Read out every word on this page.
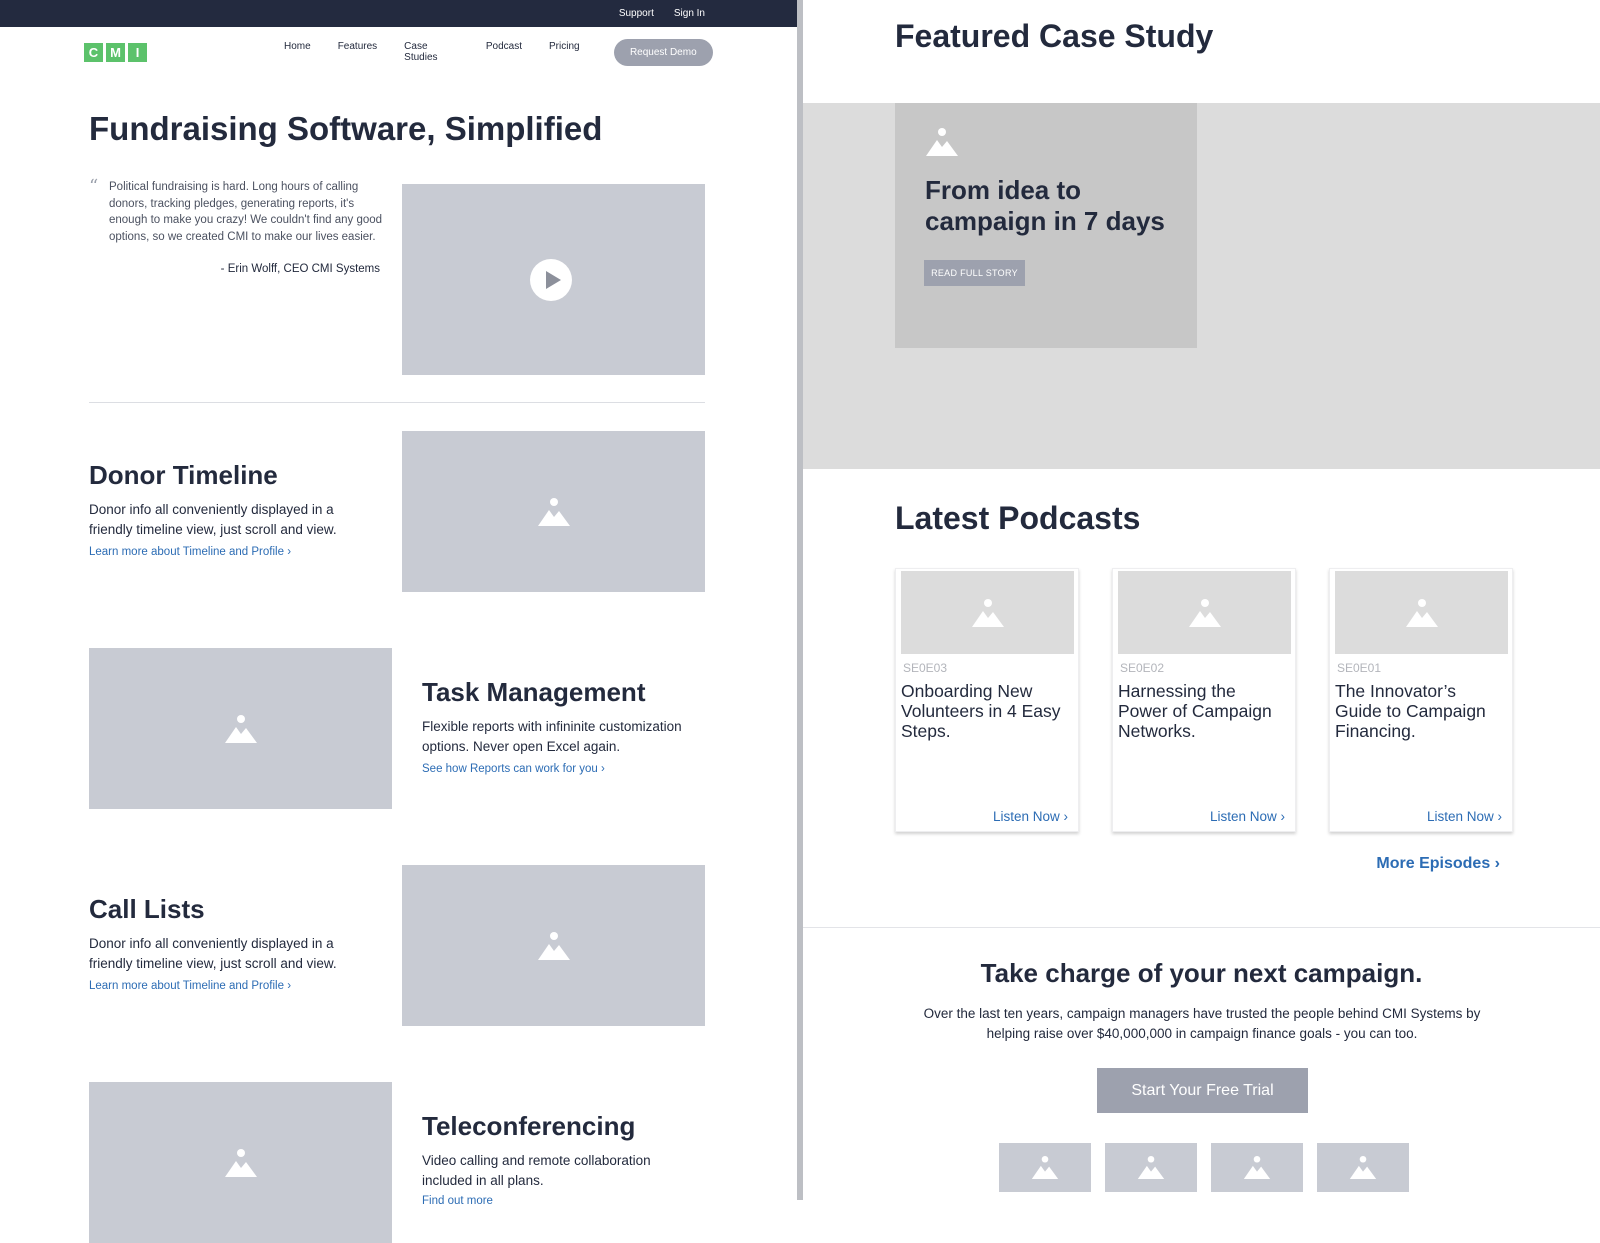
Support Sign In
C M	I	Home	Features	Case Studies
Podcast	Pricing	Request Demo
Fundraising Software, Simplified
“ Political fundraising is hard. Long hours of calling donors, tracking pledges, generating reports, it's enough to make you crazy! We couldn't find any good options, so we created CMI to make our lives easier.

- Erin Wolff, CEO CMI Systems

Donor Timeline

Donor info all conveniently displayed in a friendly timeline view, just scroll and view.

Learn more about Timeline and Profile ›
Task Management

Flexible reports with infininite customization options. Never open Excel again.

See how Reports can work for you ›
Call Lists

Donor info all conveniently displayed in a friendly timeline view, just scroll and view.

Learn more about Timeline and Profile ›
Teleconferencing

Video calling and remote collaboration included in all plans.

Find out more
Featured Case Study
From idea to campaign in 7 days
READ FULL STORY
Latest Podcasts
SE0E03
Onboarding New Volunteers in 4 Easy Steps.
Listen Now ›
SE0E02
Harnessing the Power of Campaign Networks.
Listen Now ›
SE0E01
The Innovator’s Guide to Campaign Financing.
Listen Now ›
More Episodes ›
Take charge of your next campaign.

Over the last ten years, campaign managers have trusted the people behind CMI Systems by helping raise over $40,000,000 in campaign finance goals - you can too.

Start Your Free Trial
